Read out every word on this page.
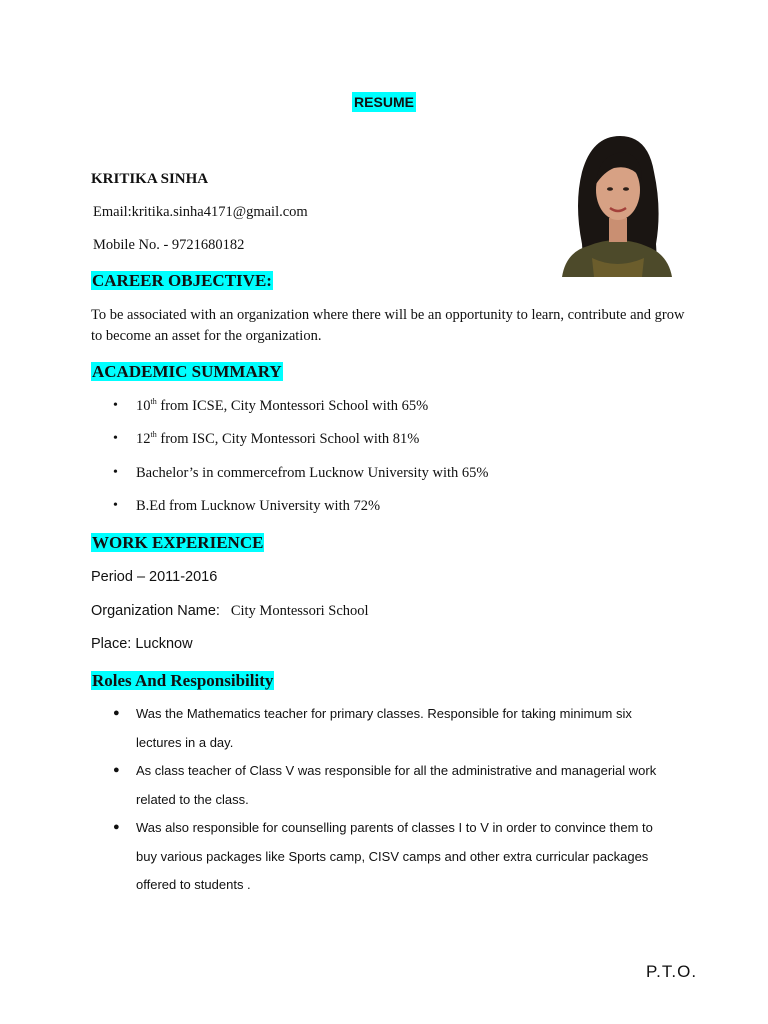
RESUME
KRITIKA SINHA
Email:kritika.sinha4171@gmail.com
Mobile No. - 9721680182
CAREER OBJECTIVE:
To be associated with an organization where there will be an opportunity to learn, contribute and grow to become an asset for the organization.
ACADEMIC SUMMARY
• 10th from ICSE, City Montessori School with 65%
• 12th from ISC, City Montessori School with 81%
• Bachelor’s in commercefrom Lucknow University with 65%
• B.Ed from Lucknow University with 72%
WORK EXPERIENCE
Period – 2011-2016
Organization Name: City Montessori School
Place: Lucknow
Roles And Responsibility
● Was the Mathematics teacher for primary classes. Responsible for taking minimum six lectures in a day.
● As class teacher of Class V was responsible for all the administrative and managerial work related to the class.
● Was also responsible for counselling parents of classes I to V in order to convince them to buy various packages like Sports camp, CISV camps and other extra curricular packages offered to students .
P.T.O.
